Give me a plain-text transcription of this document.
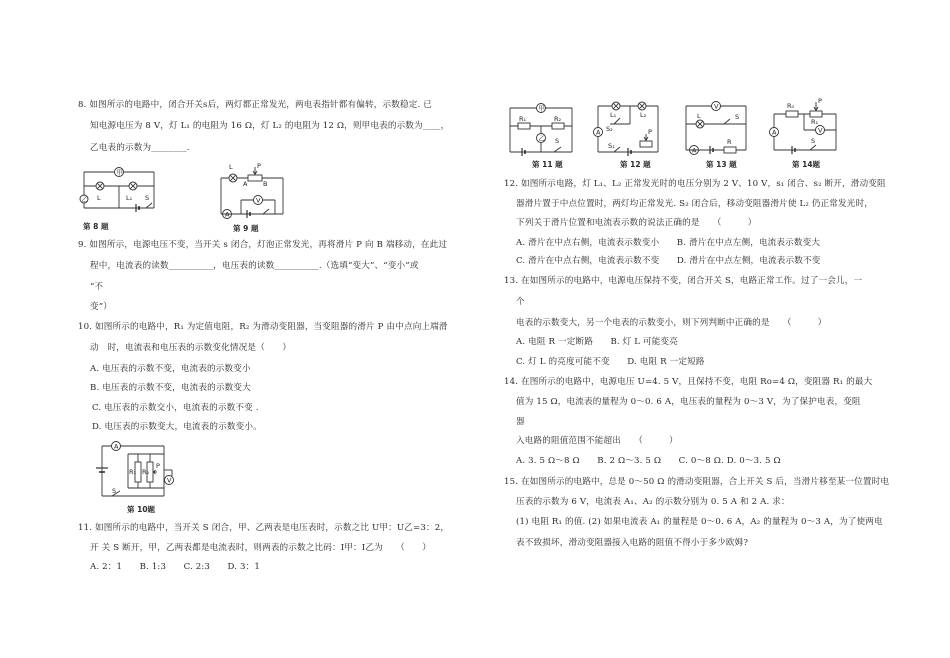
8. 如图所示的电路中，闭合开关s后，两灯都正常发光，两电表指针都有偏转，示数稳定. 已
知电源电压为 8 V，灯 L₁ 的电阻为 16 Ω，灯 L₂ 的电阻为 12 Ω，则甲电表的示数为____，
乙电表的示数为________.
甲
乙 L	L₁ S
第 8 题
L	P
A B
V
A
第 9 题
9. 如图所示，电源电压不变，当开关 s 闭合，灯泡正常发光，再将滑片 P 向 B 端移动，在此过
程中，电流表的读数__________，电压表的读数__________.（选填“变大”、“变小”或
“不
变”）
10. 如图所示的电路中，R₁ 为定值电阻，R₂ 为滑动变阻器，当变阻器的滑片 P 由中点向上端滑
动　时，电流表和电压表的示数变化情况是（　　）
A. 电压表的示数不变，电流表的示数变小
B. 电压表的示数不变，电流表的示数变大
C. 电压表的示数交小，电流表的示数不变 .
D. 电压表的示数变大，电流表的示数变小。
A
R₁ R₂
P
V
S
第 10题
11. 如图所示的电路中，当开关 S 闭合，甲、乙两表是电压表时，示数之比 U甲：U乙=3：2，
开 关 S 断开，甲，乙两表都是电流表时，则两表的示数之比码：I甲：I乙为　　（　　）
A. 2：1　　B. 1:3　　C. 2:3　　D. 3：1
甲
乙
R₁	R₂
S
第 11 题
L₁	L₂
S₂
A
S₁
P
第 12 题
V
L	S
A
R
第 13 题
R₀
R₁
P
V
A
S
第 14题
12. 如图所示电路，灯 L₁、L₂ 正常发光时的电压分别为 2 V、10 V，s₁ 闭合、s₂ 断开，滑动变阻
器滑片置于中点位置时，两灯均正常发光. S₂ 闭合后，移动变阻器滑片使 L₂ 仍正常发光时，
下列关于滑片位置和电流表示数的说法正确的是　　（　　　）
A. 滑片在中点右侧，电流表示数变小　　B. 滑片在中点左侧，电流表示数变大
C. 滑片在中点右侧，电流表示数不变　　D. 滑片在中点左侧，电流表示数不变
13. 在如图所示的电路中，电源电压保持不变，闭合开关 S，电路正常工作。过了一会儿，一
个
电表的示数变大，另一个电表的示数变小，则下列判断中正确的是　　（　　　）
A. 电阻 R 一定断路　　B. 灯 L 可能变亮
C. 灯 L 的亮度可能不变　　D. 电阻 R 一定短路
14. 在图所示的电路中，电源电压 U=4. 5 V，且保持不变，电阻 Ro=4 Ω，变阻器 R₁ 的最大
值为 15 Ω，电流表的量程为 0～0. 6 A，电压表的量程为 0～3 V，为了保护电表，变阻
器
入电路的阻值范围不能超出　　（　　　）
A. 3. 5 Ω～8 Ω　　B. 2 Ω～3. 5 Ω　　C. 0～8 Ω. D. 0～3. 5 Ω
15. 在如图所示的电路中，总是 0～50 Ω 的滑动变阻器，合上开关 S 后，当滑片移至某一位置时电
压表的示数为 6 V，电流表 A₁、A₂ 的示数分别为 0. 5 A 和 2 A. 求：
(1) 电阻 R₁ 的值. (2) 如果电流表 A₁ 的量程是 0～0. 6 A，A₂ 的量程为 0～3 A，为了使两电
表不致损坏，滑动变阻器接入电路的阻值不得小于多少欧姆?
